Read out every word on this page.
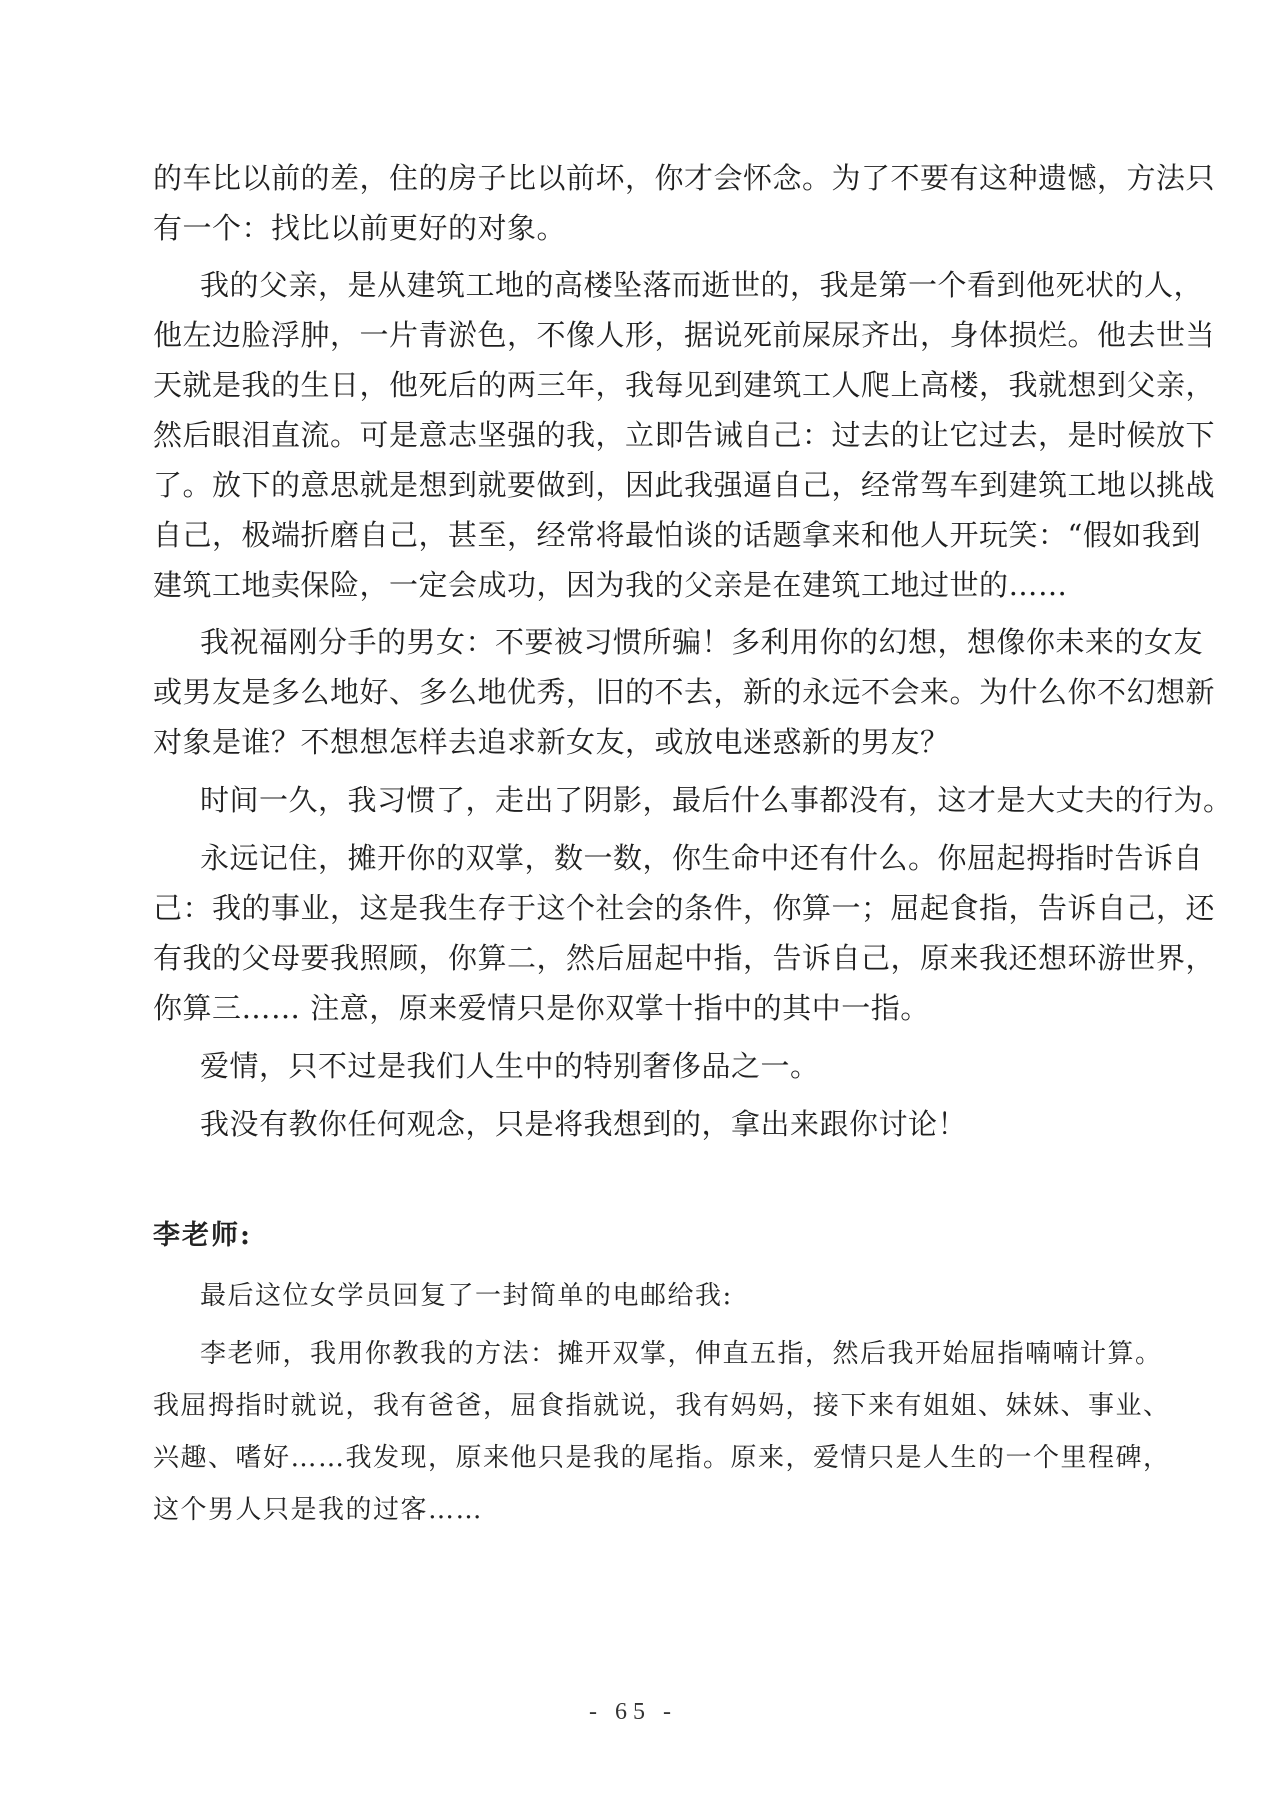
的车比以前的差，住的房子比以前坏，你才会怀念。为了不要有这种遗憾，方法只
有一个：找比以前更好的对象。
我的父亲，是从建筑工地的高楼坠落而逝世的，我是第一个看到他死状的人，
他左边脸浮肿，一片青淤色，不像人形，据说死前屎尿齐出，身体损烂。他去世当
天就是我的生日，他死后的两三年，我每见到建筑工人爬上高楼，我就想到父亲，
然后眼泪直流。可是意志坚强的我，立即告诫自己：过去的让它过去，是时候放下
了。放下的意思就是想到就要做到，因此我强逼自己，经常驾车到建筑工地以挑战
自己，极端折磨自己，甚至，经常将最怕谈的话题拿来和他人开玩笑：“假如我到
建筑工地卖保险，一定会成功，因为我的父亲是在建筑工地过世的……
我祝福刚分手的男女：不要被习惯所骗！多利用你的幻想，想像你未来的女友
或男友是多么地好、多么地优秀，旧的不去，新的永远不会来。为什么你不幻想新
对象是谁？不想想怎样去追求新女友，或放电迷惑新的男友？
时间一久，我习惯了，走出了阴影，最后什么事都没有，这才是大丈夫的行为。
永远记住，摊开你的双掌，数一数，你生命中还有什么。你屈起拇指时告诉自
己：我的事业，这是我生存于这个社会的条件，你算一；屈起食指，告诉自己，还
有我的父母要我照顾，你算二，然后屈起中指，告诉自己，原来我还想环游世界，
你算三…… 注意，原来爱情只是你双掌十指中的其中一指。
爱情，只不过是我们人生中的特别奢侈品之一。
我没有教你任何观念，只是将我想到的，拿出来跟你讨论！
李老师:
最后这位女学员回复了一封简单的电邮给我:
李老师，我用你教我的方法：摊开双掌，伸直五指，然后我开始屈指喃喃计算。
我屈拇指时就说，我有爸爸，屈食指就说，我有妈妈，接下来有姐姐、妹妹、事业、
兴趣、嗜好……我发现，原来他只是我的尾指。原来，爱情只是人生的一个里程碑，
这个男人只是我的过客……
- 65 -
